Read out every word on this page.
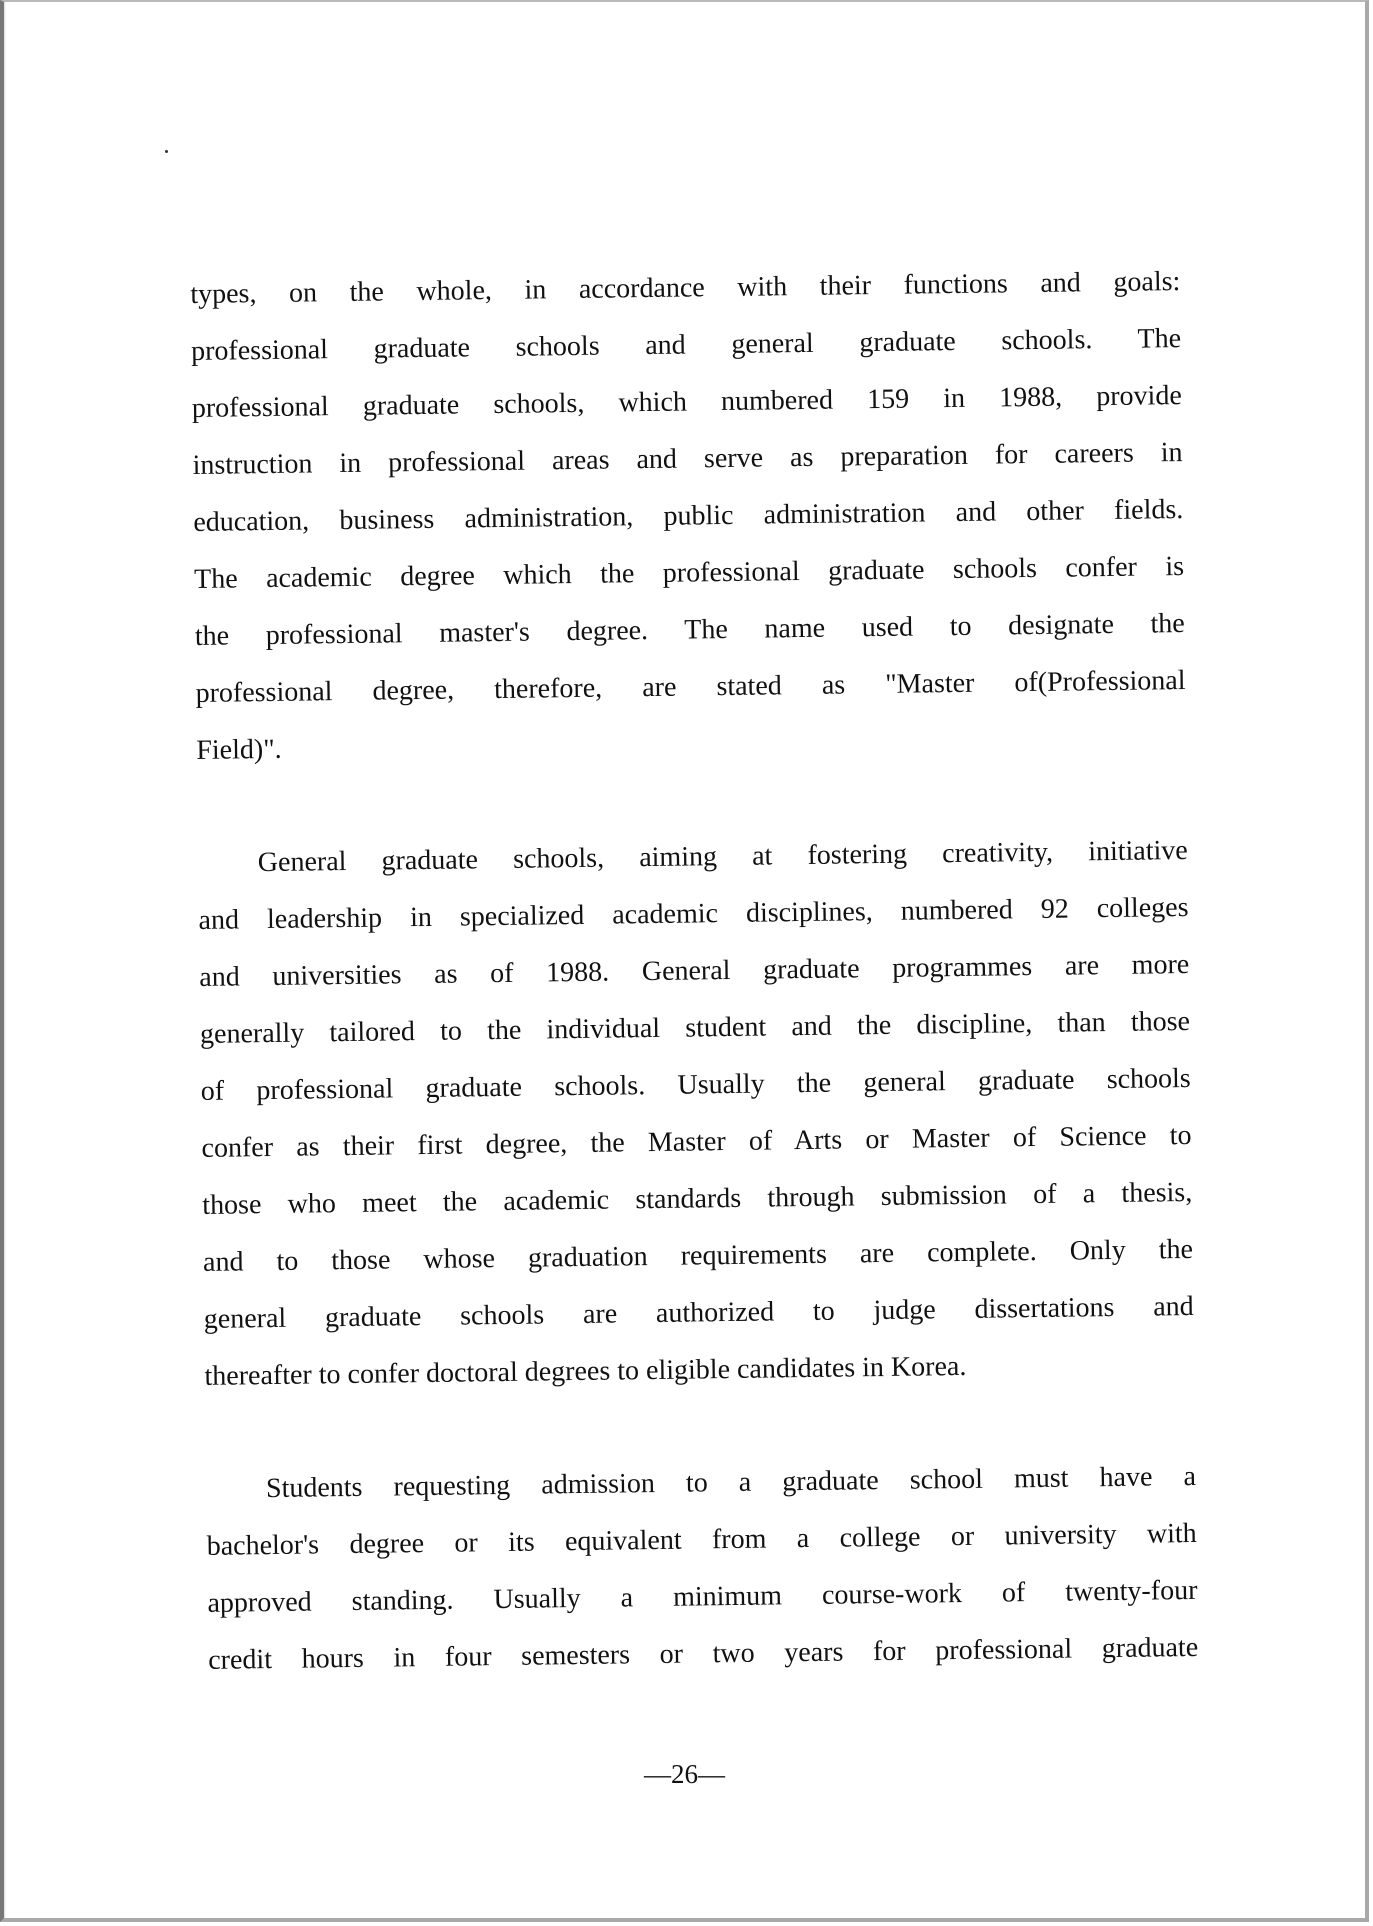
types, on the whole, in accordance with their functions and goals:
professional graduate schools and general graduate schools. The
professional graduate schools, which numbered 159 in 1988, provide
instruction in professional areas and serve as preparation for careers in
education, business administration, public administration and other fields.
The academic degree which the professional graduate schools confer is
the professional master's degree. The name used to designate the
professional degree, therefore, are stated as "Master of(Professional
Field)".
General graduate schools, aiming at fostering creativity, initiative
and leadership in specialized academic disciplines, numbered 92 colleges
and universities as of 1988. General graduate programmes are more
generally tailored to the individual student and the discipline, than those
of professional graduate schools. Usually the general graduate schools
confer as their first degree, the Master of Arts or Master of Science to
those who meet the academic standards through submission of a thesis,
and to those whose graduation requirements are complete. Only the
general graduate schools are authorized to judge dissertations and
thereafter to confer doctoral degrees to eligible candidates in Korea.
Students requesting admission to a graduate school must have a
bachelor's degree or its equivalent from a college or university with
approved standing. Usually a minimum course-work of twenty-four
credit hours in four semesters or two years for professional graduate
—26—
